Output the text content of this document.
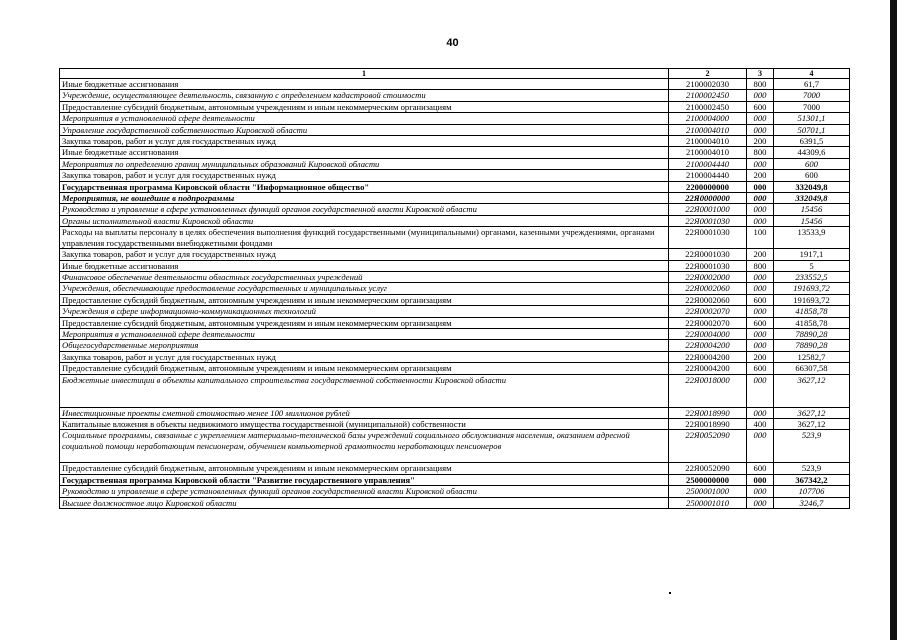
40
1	2	3	4
Иные бюджетные ассигнования	2100002030	800	61,7
Учреждение, осуществляющее деятельность, связанную с определением кадастровой стоимости	2100002450	000	7000
Предоставление субсидий бюджетным, автономным учреждениям и иным некоммерческим организациям	2100002450	600	7000
Мероприятия в установленной сфере деятельности	2100004000	000	51301,1
Управление государственной собственностью Кировской области	2100004010	000	50701,1
Закупка товаров, работ и услуг для государственных нужд	2100004010	200	6391,5
Иные бюджетные ассигнования	2100004010	800	44309,6
Мероприятия по определению границ муниципальных образований Кировской области	2100004440	000	600
Закупка товаров, работ и услуг для государственных нужд	2100004440	200	600
Государственная программа Кировской области "Информационное общество"	2200000000	000	332049,8
Мероприятия, не вошедшие в подпрограммы	22Я0000000	000	332049,8
Руководство и управление в сфере установленных функций органов государственной власти Кировской области	22Я0001000	000	15456
Органы исполнительной власти Кировской области	22Я0001030	000	15456
Расходы на выплаты персоналу в целях обеспечения выполнения функций государственными (муниципальными) органами, казенными учреждениями, органами управления государственными внебюджетными фондами	22Я0001030	100	13533,9
Закупка товаров, работ и услуг для государственных нужд	22Я0001030	200	1917,1
Иные бюджетные ассигнования	22Я0001030	800	5
Финансовое обеспечение деятельности областных государственных учреждений	22Я0002000	000	233552,5
Учреждения, обеспечивающие предоставление государственных и муниципальных услуг	22Я0002060	000	191693,72
Предоставление субсидий бюджетным, автономным учреждениям и иным некоммерческим организациям	22Я0002060	600	191693,72
Учреждения в сфере информационно-коммуникационных технологий	22Я0002070	000	41858,78
Предоставление субсидий бюджетным, автономным учреждениям и иным некоммерческим организациям	22Я0002070	600	41858,78
Мероприятия в установленной сфере деятельности	22Я0004000	000	78890,28
Общегосударственные мероприятия	22Я0004200	000	78890,28
Закупка товаров, работ и услуг для государственных нужд	22Я0004200	200	12582,7
Предоставление субсидий бюджетным, автономным учреждениям и иным некоммерческим организациям	22Я0004200	600	66307,58
Бюджетные инвестиции в объекты капитального строительства государственной собственности Кировской области	22Я0018000	000	3627,12
Инвестиционные проекты сметной стоимостью менее 100 миллионов рублей	22Я0018990	000	3627,12
Капитальные вложения в объекты недвижимого имущества государственной (муниципальной) собственности	22Я0018990	400	3627,12
Социальные программы, связанные с укреплением материально-технической базы учреждений социального обслуживания населения, оказанием адресной социальной помощи неработающим пенсионерам, обучением компьютерной грамотности неработающих пенсионеров	22Я0052090	000	523,9
Предоставление субсидий бюджетным, автономным учреждениям и иным некоммерческим организациям	22Я0052090	600	523,9
Государственная программа Кировской области "Развитие государственного управления"	2500000000	000	367342,2
Руководство и управление в сфере установленных функций органов государственной власти Кировской области	2500001000	000	107706
Высшее должностное лицо Кировской области	2500001010	000	3246,7
